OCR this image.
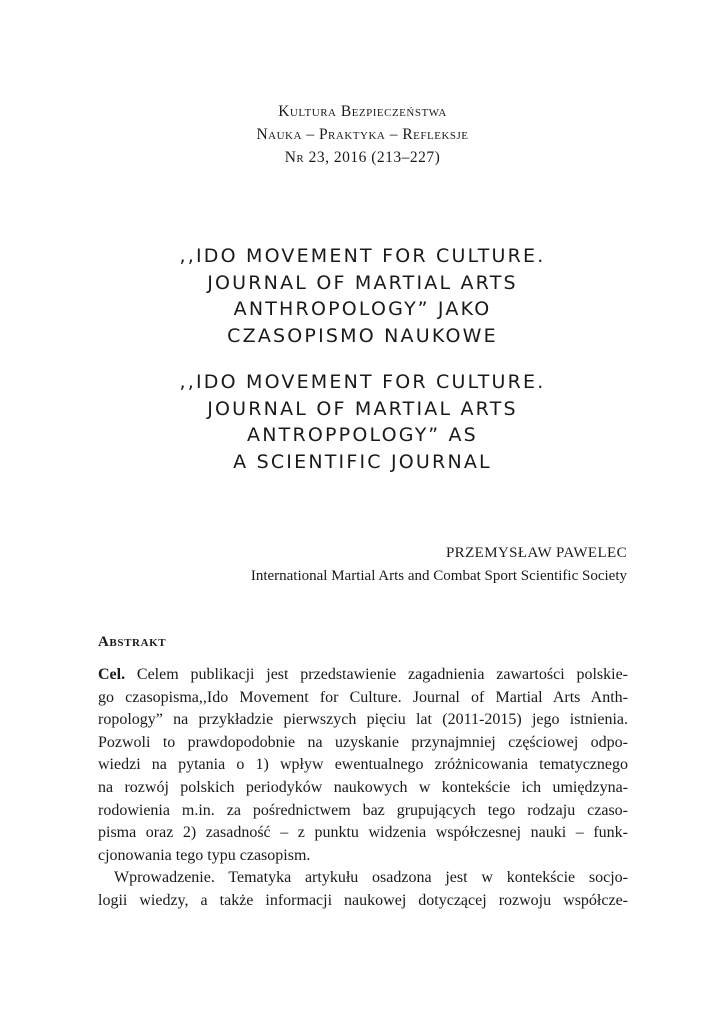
Kultura Bezpieczeństwa
Nauka – Praktyka – Refleksje
Nr 23, 2016 (213–227)
,,IDO MOVEMENT FOR CULTURE.
JOURNAL OF MARTIAL ARTS
ANTHROPOLOGY” JAKO
CZASOPISMO NAUKOWE
,,IDO MOVEMENT FOR CULTURE.
JOURNAL OF MARTIAL ARTS
ANTROPPOLOGY” AS
A SCIENTIFIC JOURNAL
PRZEMYSŁAW PAWELEC
International Martial Arts and Combat Sport Scientific Society
Abstrakt
Cel. Celem publikacji jest przedstawienie zagadnienia zawartości polskie-
go czasopisma,,Ido Movement for Culture. Journal of Martial Arts Anth-
ropology” na przykładzie pierwszych pięciu lat (2011-2015) jego istnienia.
Pozwoli to prawdopodobnie na uzyskanie przynajmniej częściowej odpo-
wiedzi na pytania o 1) wpływ ewentualnego zróżnicowania tematycznego
na rozwój polskich periodyków naukowych w kontekście ich umiędzyna-
rodowienia m.in. za pośrednictwem baz grupujących tego rodzaju czaso-
pisma oraz 2) zasadność – z punktu widzenia współczesnej nauki – funk-
cjonowania tego typu czasopism.
Wprowadzenie. Tematyka artykułu osadzona jest w kontekście socjo-
logii wiedzy, a także informacji naukowej dotyczącej rozwoju współcze-
